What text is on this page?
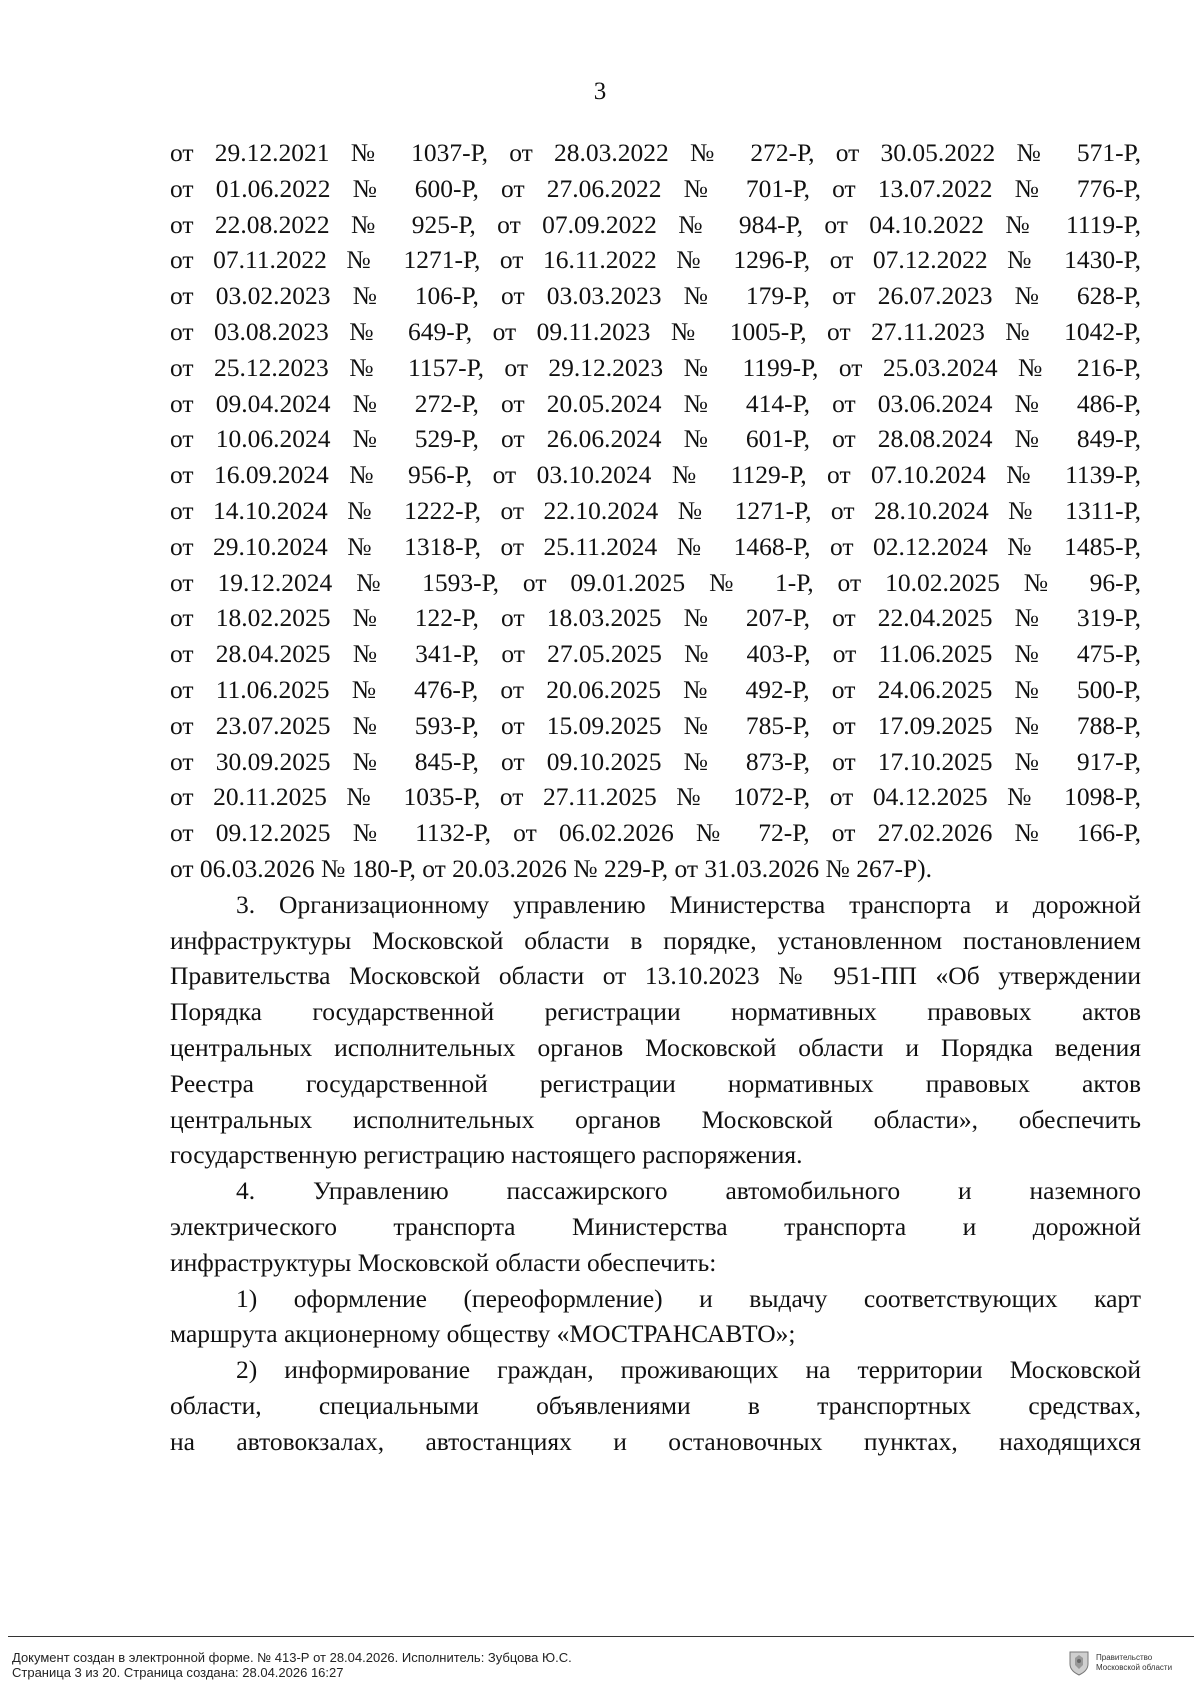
3
от 29.12.2021 № 1037-Р, от 28.03.2022 № 272-Р, от 30.05.2022 № 571-Р,
от 01.06.2022 № 600-Р, от 27.06.2022 № 701-Р, от 13.07.2022 № 776-Р,
от 22.08.2022 № 925-Р, от 07.09.2022 № 984-Р, от 04.10.2022 № 1119-Р,
от 07.11.2022 № 1271-Р, от 16.11.2022 № 1296-Р, от 07.12.2022 № 1430-Р,
от 03.02.2023 № 106-Р, от 03.03.2023 № 179-Р, от 26.07.2023 № 628-Р,
от 03.08.2023 № 649-Р, от 09.11.2023 № 1005-Р, от 27.11.2023 № 1042-Р,
от 25.12.2023 № 1157-Р, от 29.12.2023 № 1199-Р, от 25.03.2024 № 216-Р,
от 09.04.2024 № 272-Р, от 20.05.2024 № 414-Р, от 03.06.2024 № 486-Р,
от 10.06.2024 № 529-Р, от 26.06.2024 № 601-Р, от 28.08.2024 № 849-Р,
от 16.09.2024 № 956-Р, от 03.10.2024 № 1129-Р, от 07.10.2024 № 1139-Р,
от 14.10.2024 № 1222-Р, от 22.10.2024 № 1271-Р, от 28.10.2024 № 1311-Р,
от 29.10.2024 № 1318-Р, от 25.11.2024 № 1468-Р, от 02.12.2024 № 1485-Р,
от 19.12.2024 № 1593-Р, от 09.01.2025 № 1-Р, от 10.02.2025 № 96-Р,
от 18.02.2025 № 122-Р, от 18.03.2025 № 207-Р, от 22.04.2025 № 319-Р,
от 28.04.2025 № 341-Р, от 27.05.2025 № 403-Р, от 11.06.2025 № 475-Р,
от 11.06.2025 № 476-Р, от 20.06.2025 № 492-Р, от 24.06.2025 № 500-Р,
от 23.07.2025 № 593-Р, от 15.09.2025 № 785-Р, от 17.09.2025 № 788-Р,
от 30.09.2025 № 845-Р, от 09.10.2025 № 873-Р, от 17.10.2025 № 917-Р,
от 20.11.2025 № 1035-Р, от 27.11.2025 № 1072-Р, от 04.12.2025 № 1098-Р,
от 09.12.2025 № 1132-Р, от 06.02.2026 № 72-Р, от 27.02.2026 № 166-Р,
от 06.03.2026 № 180-Р, от 20.03.2026 № 229-Р, от 31.03.2026 № 267-Р).
3. Организационному управлению Министерства транспорта и дорожной
инфраструктуры Московской области в порядке, установленном постановлением
Правительства Московской области от 13.10.2023 № 951-ПП «Об утверждении
Порядка государственной регистрации нормативных правовых актов
центральных исполнительных органов Московской области и Порядка ведения
Реестра государственной регистрации нормативных правовых актов
центральных исполнительных органов Московской области», обеспечить
государственную регистрацию настоящего распоряжения.
4. Управлению пассажирского автомобильного и наземного
электрического транспорта Министерства транспорта и дорожной
инфраструктуры Московской области обеспечить:
1) оформление (переоформление) и выдачу соответствующих карт
маршрута акционерному обществу «МОСТРАНСАВТО»;
2) информирование граждан, проживающих на территории Московской
области, специальными объявлениями в транспортных средствах,
на автовокзалах, автостанциях и остановочных пунктах, находящихся
Документ создан в электронной форме. № 413-Р от 28.04.2026. Исполнитель: Зубцова Ю.С.
Страница 3 из 20. Страница создана: 28.04.2026 16:27
Правительство
Московской области
